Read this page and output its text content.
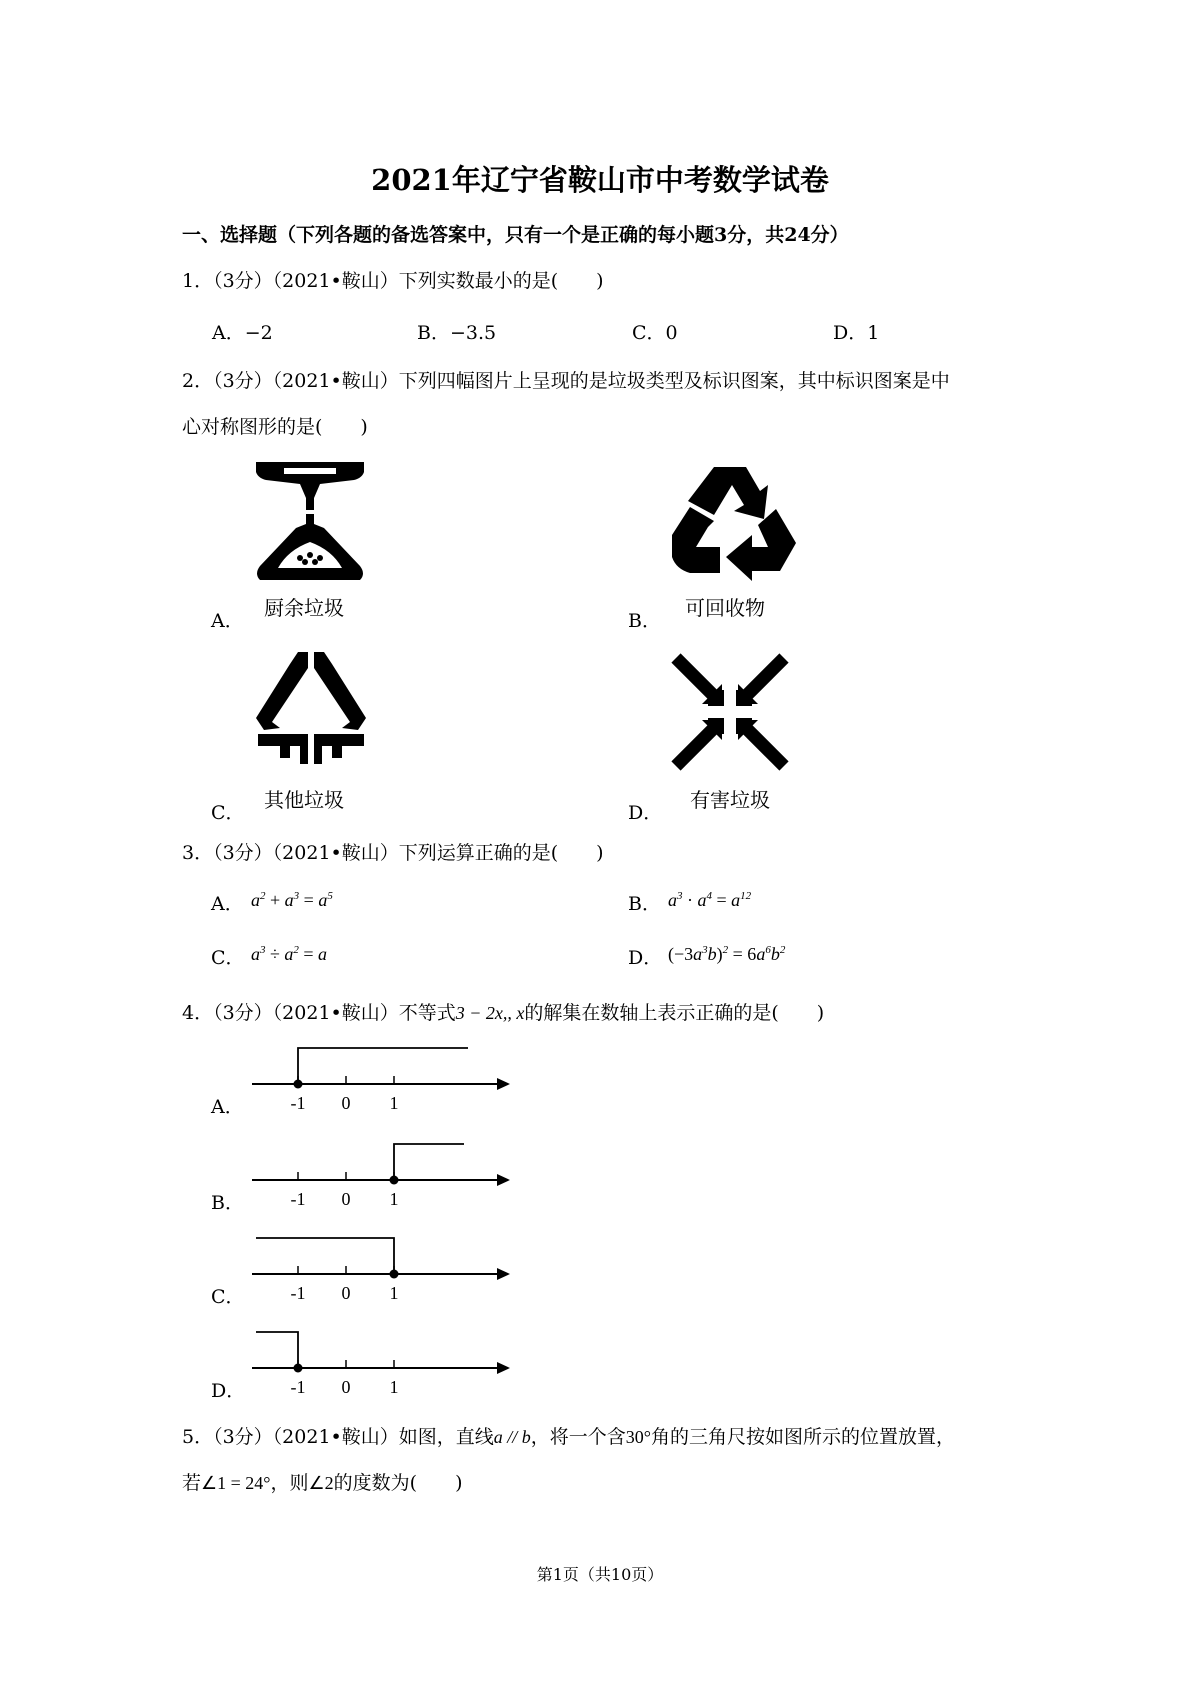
2021年辽宁省鞍山市中考数学试卷
一、选择题（下列各题的备选答案中，只有一个是正确的每小题3分，共24分）
1．（3分）（2021•鞍山）下列实数最小的是(　　)
A．−2	B．−3.5	C．0	D．1
2．（3分）（2021•鞍山）下列四幅图片上呈现的是垃圾类型及标识图案，其中标识图案是中
心对称图形的是(　　)
A．
厨余垃圾
B．
可回收物
C．
其他垃圾
D．
有害垃圾
3．（3分）（2021•鞍山）下列运算正确的是(　　)
A． $a^2 + a^3 = a^5$	B． $a^3 \cdot a^4 = a^{12}$
C． $a^3 \div a^2 = a$	D． $(-3a^3b)^2 = 6a^6b^2$
4．（3分）（2021•鞍山）不等式3 − 2x,, x的解集在数轴上表示正确的是(　　)
A．	-1 0 1
B．	-1 0 1
C．	-1 0 1
D．	-1 0 1
5．（3分）（2021•鞍山）如图，直线a // b，将一个含30°角的三角尺按如图所示的位置放置，
若∠1 = 24°，则∠2的度数为(　　)
第1页（共10页）
